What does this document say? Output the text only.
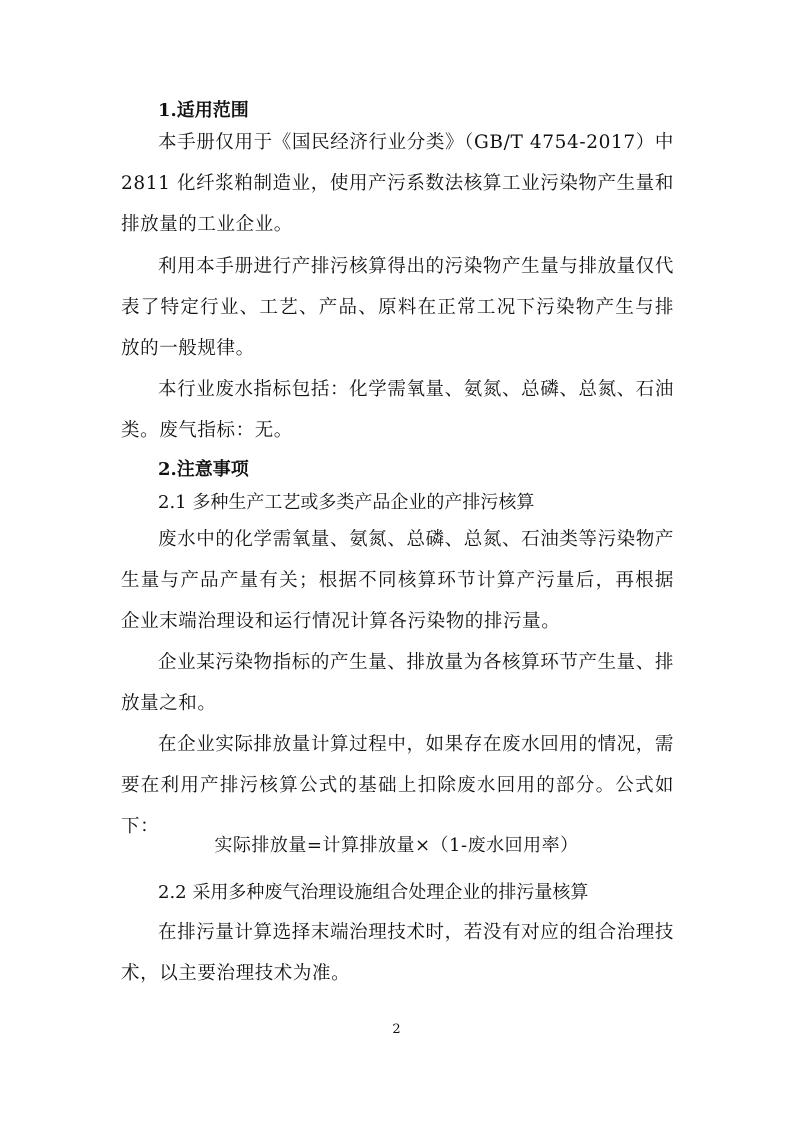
1.适用范围

本手册仅用于《国民经济行业分类》（GB/T 4754-2017）中 2811 化纤浆粕制造业，使用产污系数法核算工业污染物产生量和排放量的工业企业。

利用本手册进行产排污核算得出的污染物产生量与排放量仅代表了特定行业、工艺、产品、原料在正常工况下污染物产生与排放的一般规律。

本行业废水指标包括：化学需氧量、氨氮、总磷、总氮、石油类。废气指标：无。

2.注意事项
2.1 多种生产工艺或多类产品企业的产排污核算

废水中的化学需氧量、氨氮、总磷、总氮、石油类等污染物产生量与产品产量有关；根据不同核算环节计算产污量后，再根据企业末端治理设和运行情况计算各污染物的排污量。

企业某污染物指标的产生量、排放量为各核算环节产生量、排放量之和。

在企业实际排放量计算过程中，如果存在废水回用的情况，需要在利用产排污核算公式的基础上扣除废水回用的部分。公式如下：

实际排放量=计算排放量×（1-废水回用率）
2.2 采用多种废气治理设施组合处理企业的排污量核算

在排污量计算选择末端治理技术时，若没有对应的组合治理技术，以主要治理技术为准。

2
